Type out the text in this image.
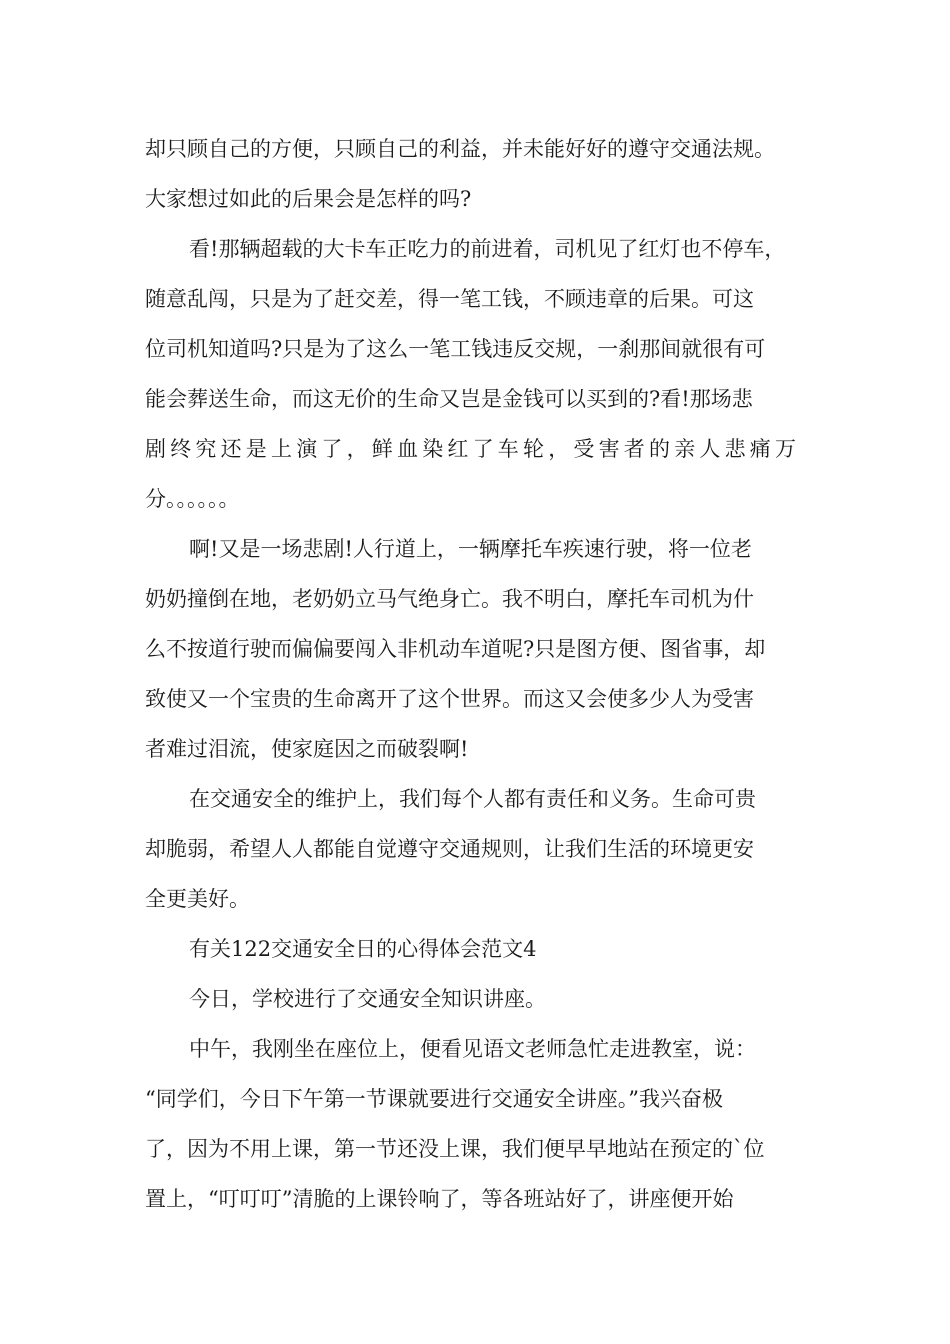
却只顾自己的方便，只顾自己的利益，并未能好好的遵守交通法规。
大家想过如此的后果会是怎样的吗?
看!那辆超载的大卡车正吃力的前进着，司机见了红灯也不停车，
随意乱闯，只是为了赶交差，得一笔工钱，不顾违章的后果。可这
位司机知道吗?只是为了这么一笔工钱违反交规，一刹那间就很有可
能会葬送生命，而这无价的生命又岂是金钱可以买到的?看!那场悲
剧终究还是上演了，鲜血染红了车轮，受害者的亲人悲痛万
分。。。。。。
啊!又是一场悲剧!人行道上，一辆摩托车疾速行驶，将一位老
奶奶撞倒在地，老奶奶立马气绝身亡。我不明白，摩托车司机为什
么不按道行驶而偏偏要闯入非机动车道呢?只是图方便、图省事，却
致使又一个宝贵的生命离开了这个世界。而这又会使多少人为受害
者难过泪流，使家庭因之而破裂啊!
在交通安全的维护上，我们每个人都有责任和义务。生命可贵
却脆弱，希望人人都能自觉遵守交通规则，让我们生活的环境更安
全更美好。
有关122交通安全日的心得体会范文4
今日，学校进行了交通安全知识讲座。
中午，我刚坐在座位上，便看见语文老师急忙走进教室，说：
“同学们，今日下午第一节课就要进行交通安全讲座。”我兴奋极
了，因为不用上课，第一节还没上课，我们便早早地站在预定的`位
置上，“叮叮叮”清脆的上课铃响了，等各班站好了，讲座便开始
